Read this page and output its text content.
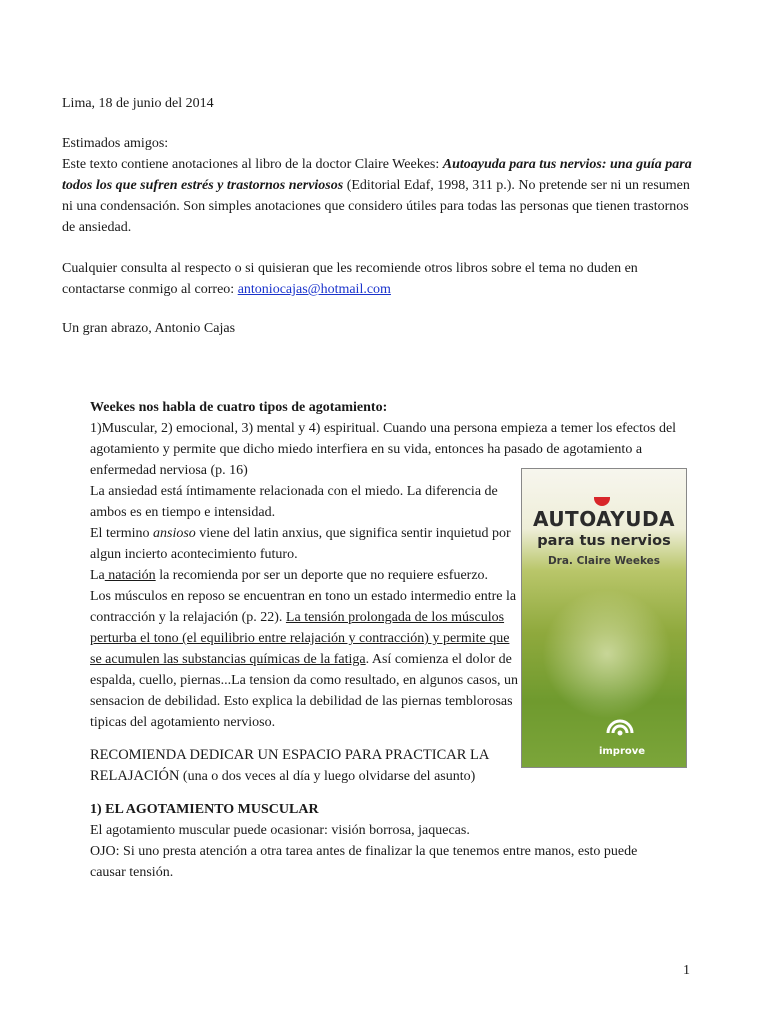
Lima, 18 de junio del 2014
Estimados amigos:
Este texto contiene anotaciones al libro de la doctor Claire Weekes: Autoayuda para tus nervios: una guía para todos los que sufren estrés y trastornos nerviosos (Editorial Edaf, 1998, 311 p.). No pretende ser ni un resumen ni una condensación. Son simples anotaciones que considero útiles para todas las personas que tienen trastornos de ansiedad.
Cualquier consulta al respecto o si quisieran que les recomiende otros libros sobre el tema no duden en contactarse conmigo al correo: antoniocajas@hotmail.com
Un gran abrazo, Antonio Cajas

Weekes nos habla de cuatro tipos de agotamiento:

1)Muscular, 2) emocional, 3) mental y 4) espiritual. Cuando una persona empieza a temer los efectos del agotamiento y permite que dicho miedo interfiera en su vida, entonces ha pasado de agotamiento a enfermedad nerviosa (p. 16)

La ansiedad está íntimamente relacionada con el miedo. La diferencia de ambos es en tiempo e intensidad.

El termino ansioso viene del latin anxius, que significa sentir inquietud por algun incierto acontecimiento futuro.

La natación la recomienda por ser un deporte que no requiere esfuerzo.

Los músculos en reposo se encuentran en tono un estado intermedio entre la contracción y la relajación (p. 22). La tensión prolongada de los músculos perturba el tono (el equilibrio entre relajación y contracción) y permite que se acumulen las substancias químicas de la fatiga. Así comienza el dolor de espalda, cuello, piernas...La tension da como resultado, en algunos casos, un sensacion de debilidad. Esto explica la debilidad de las piernas temblorosas tipicas del agotamiento nervioso.

RECOMIENDA DEDICAR UN ESPACIO PARA PRACTICAR LA RELAJACIÓN (una o dos veces al día y luego olvidarse del asunto)

1) EL AGOTAMIENTO MUSCULAR

El agotamiento muscular puede ocasionar: visión borrosa, jaquecas.

OJO: Si uno presta atención a otra tarea antes de finalizar la que tenemos entre manos, esto puede causar tensión.

AUTOAYUDA
para tus nervios
Dra. Claire Weekes
improve
1
